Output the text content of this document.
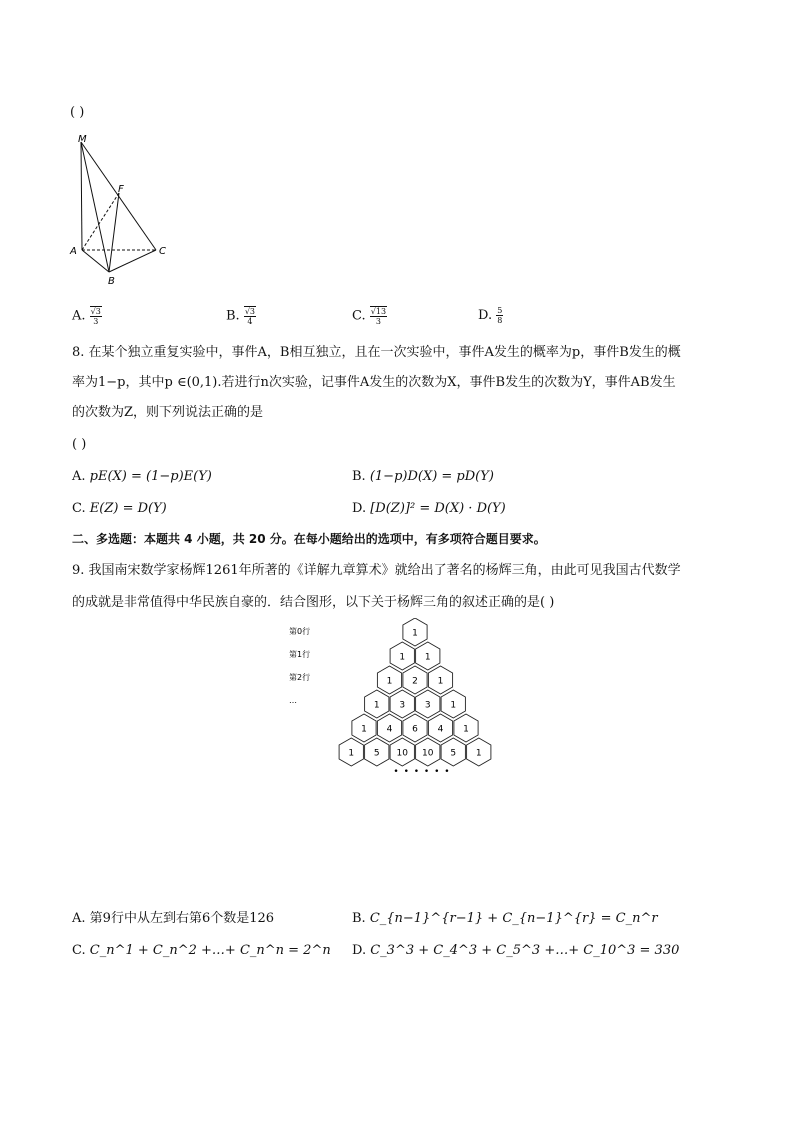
( )
M
F
A
B
C
A. $\frac{√3}{3}$	B. $\frac{√3}{4}$	C. $\frac{√13}{3}$	D. $\frac{5}{8}$
8. 在某个独立重复实验中，事件A，B相互独立，且在一次实验中，事件A发生的概率为p，事件B发生的概
率为1−p，其中p ∈(0,1).若进行n次实验，记事件A发生的次数为X，事件B发生的次数为Y，事件AB发生
的次数为Z，则下列说法正确的是
( )
A. pE(X) = (1−p)E(Y)	B. (1−p)D(X) = pD(Y)
C. E(Z) = D(Y)	D. [D(Z)]² = D(X) · D(Y)
二、多选题：本题共 4 小题，共 20 分。在每小题给出的选项中，有多项符合题目要求。
9. 我国南宋数学家杨辉1261年所著的《详解九章算术》就给出了著名的杨辉三角，由此可见我国古代数学
的成就是非常值得中华民族自豪的．结合图形，以下关于杨辉三角的叙述正确的是( )
第0行
第1行
第2行
…
1
1 1
1 2 1
1 3 3 1
1 4 6 4 1
1 5 10 10 5 1
• • • • • •
A. 第9行中从左到右第6个数是126	B. C_{n−1}^{r−1} + C_{n−1}^{r} = C_n^r
C. C_n^1 + C_n^2 +…+ C_n^n = 2^n D. C_3^3 + C_4^3 + C_5^3 +…+ C_10^3 = 330
